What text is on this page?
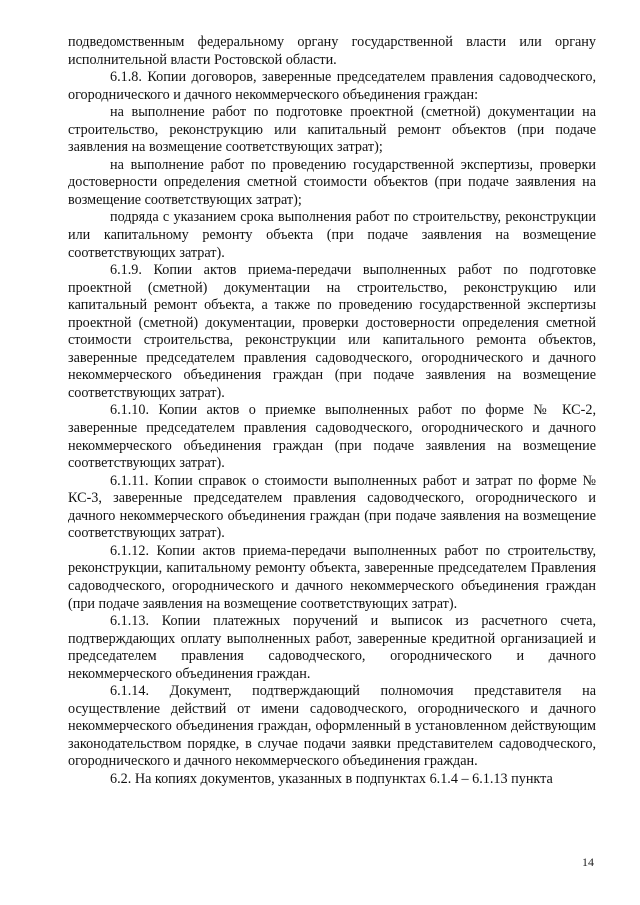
подведомственным федеральному органу государственной власти или органу исполнительной власти Ростовской области.

6.1.8. Копии договоров, заверенные председателем правления садоводческого, огороднического и дачного некоммерческого объединения граждан:

на выполнение работ по подготовке проектной (сметной) документации на строительство, реконструкцию или капитальный ремонт объектов (при подаче заявления на возмещение соответствующих затрат);

на выполнение работ по проведению государственной экспертизы, проверки достоверности определения сметной стоимости объектов (при подаче заявления на возмещение соответствующих затрат);

подряда с указанием срока выполнения работ по строительству, реконструкции или капитальному ремонту объекта (при подаче заявления на возмещение соответствующих затрат).

6.1.9. Копии актов приема-передачи выполненных работ по подготовке проектной (сметной) документации на строительство, реконструкцию или капитальный ремонт объекта, а также по проведению государственной экспертизы проектной (сметной) документации, проверки достоверности определения сметной стоимости строительства, реконструкции или капитального ремонта объектов, заверенные председателем правления садоводческого, огороднического и дачного некоммерческого объединения граждан (при подаче заявления на возмещение соответствующих затрат).

6.1.10. Копии актов о приемке выполненных работ по форме № КС-2, заверенные председателем правления садоводческого, огороднического и дачного некоммерческого объединения граждан (при подаче заявления на возмещение соответствующих затрат).

6.1.11. Копии справок о стоимости выполненных работ и затрат по форме № КС-3, заверенные председателем правления садоводческого, огороднического и дачного некоммерческого объединения граждан (при подаче заявления на возмещение соответствующих затрат).

6.1.12. Копии актов приема-передачи выполненных работ по строительству, реконструкции, капитальному ремонту объекта, заверенные председателем Правления садоводческого, огороднического и дачного некоммерческого объединения граждан (при подаче заявления на возмещение соответствующих затрат).

6.1.13. Копии платежных поручений и выписок из расчетного счета, подтверждающих оплату выполненных работ, заверенные кредитной организацией и председателем правления садоводческого, огороднического и дачного некоммерческого объединения граждан.

6.1.14. Документ, подтверждающий полномочия представителя на осуществление действий от имени садоводческого, огороднического и дачного некоммерческого объединения граждан, оформленный в установленном действующим законодательством порядке, в случае подачи заявки представителем садоводческого, огороднического и дачного некоммерческого объединения граждан.

6.2. На копиях документов, указанных в подпунктах 6.1.4 – 6.1.13 пункта

14
